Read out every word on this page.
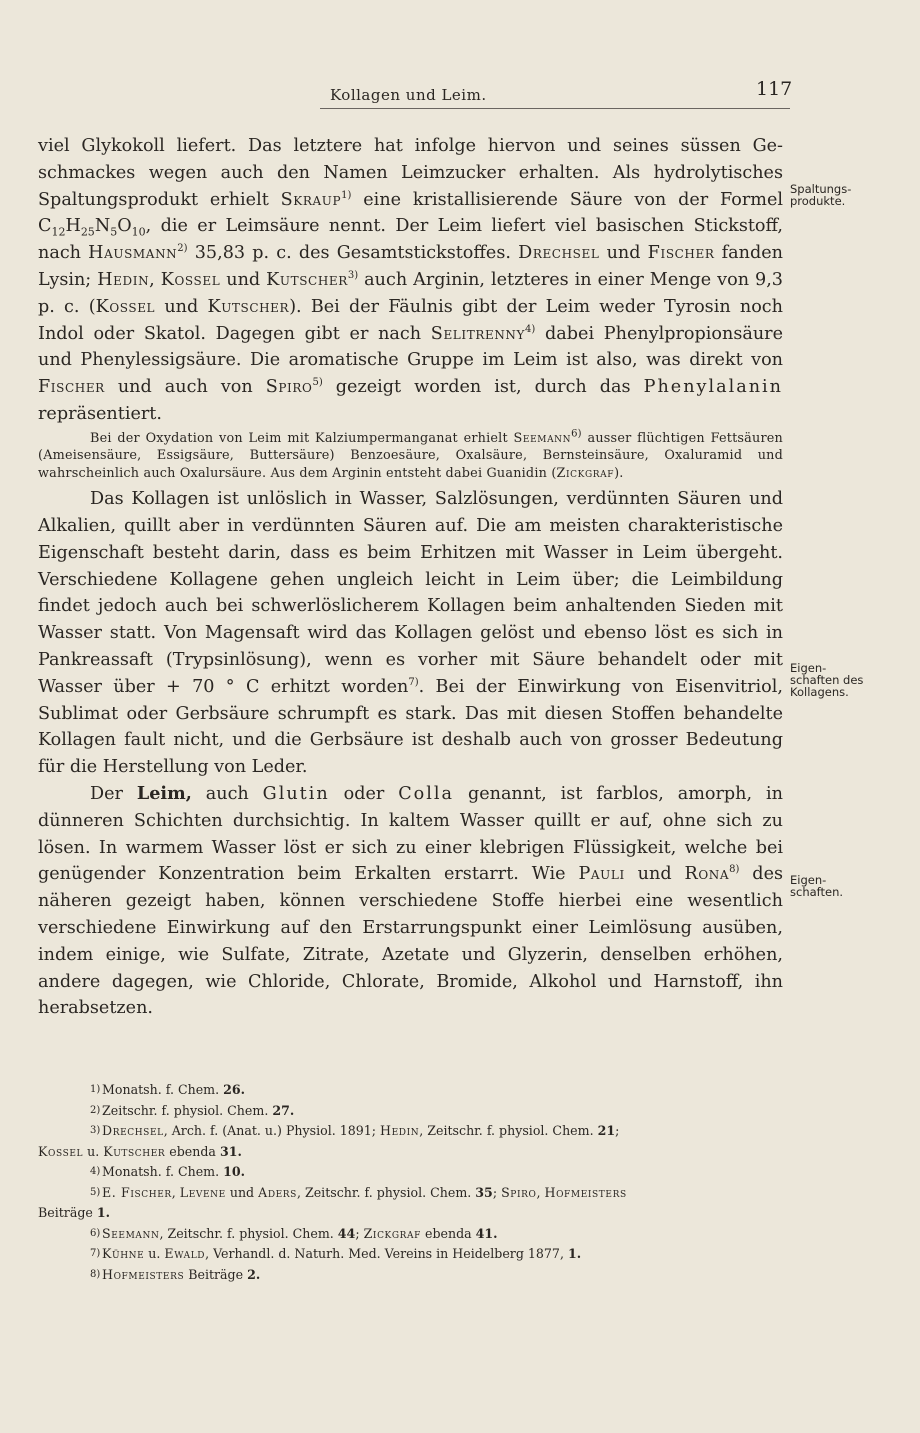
Kollagen und Leim.	117
Spaltungs-
produkte.
Eigen-
schaften des
Kollagens.
Eigen-
schaften.

viel Glykokoll liefert. Das letztere hat infolge hiervon und seines süssen Geschmackes wegen auch den Namen Leimzucker erhalten. Als hydrolytisches Spaltungsprodukt erhielt Skraup$^{1)}$ eine kristallisierende Säure von der Formel $C_{12}H_{25}N_5O_{10}$, die er Leimsäure nennt. Der Leim liefert viel basischen Stickstoff, nach Hausmann$^{2)}$ 35,83 p. c. des Gesamtstickstoffes. Drechsel und Fischer fanden Lysin; Hedin, Kossel und Kutscher$^{3)}$ auch Arginin, letzteres in einer Menge von 9,3 p. c. (Kossel und Kutscher). Bei der Fäulnis gibt der Leim weder Tyrosin noch Indol oder Skatol. Dagegen gibt er nach Selitrenny$^{4)}$ dabei Phenylpropionsäure und Phenylessigsäure. Die aromatische Gruppe im Leim ist also, was direkt von Fischer und auch von Spiro$^{5)}$ gezeigt worden ist, durch das Phenylalanin repräsentiert.

Bei der Oxydation von Leim mit Kalziumpermanganat erhielt Seemann$^{6)}$ ausser flüchtigen Fettsäuren (Ameisensäure, Essigsäure, Buttersäure) Benzoesäure, Oxalsäure, Bernsteinsäure, Oxaluramid und wahrscheinlich auch Oxalursäure. Aus dem Arginin entsteht dabei Guanidin (Zickgraf).

Das Kollagen ist unlöslich in Wasser, Salzlösungen, verdünnten Säuren und Alkalien, quillt aber in verdünnten Säuren auf. Die am meisten charakteristische Eigenschaft besteht darin, dass es beim Erhitzen mit Wasser in Leim übergeht. Verschiedene Kollagene gehen ungleich leicht in Leim über; die Leimbildung findet jedoch auch bei schwerlöslicherem Kollagen beim anhaltenden Sieden mit Wasser statt. Von Magensaft wird das Kollagen gelöst und ebenso löst es sich in Pankreassaft (Trypsinlösung), wenn es vorher mit Säure behandelt oder mit Wasser über + 70 ° C erhitzt worden$^{7)}$. Bei der Einwirkung von Eisenvitriol, Sublimat oder Gerbsäure schrumpft es stark. Das mit diesen Stoffen behandelte Kollagen fault nicht, und die Gerbsäure ist deshalb auch von grosser Bedeutung für die Herstellung von Leder.

Der Leim, auch Glutin oder Colla genannt, ist farblos, amorph, in dünneren Schichten durchsichtig. In kaltem Wasser quillt er auf, ohne sich zu lösen. In warmem Wasser löst er sich zu einer klebrigen Flüssigkeit, welche bei genügender Konzentration beim Erkalten erstarrt. Wie Pauli und Rona$^{8)}$ des näheren gezeigt haben, können verschiedene Stoffe hierbei eine wesentlich verschiedene Einwirkung auf den Erstarrungspunkt einer Leimlösung ausüben, indem einige, wie Sulfate, Zitrate, Azetate und Glyzerin, denselben erhöhen, andere dagegen, wie Chloride, Chlorate, Bromide, Alkohol und Harnstoff, ihn herabsetzen.

1) Monatsh. f. Chem. 26.

2) Zeitschr. f. physiol. Chem. 27.

3) Drechsel, Arch. f. (Anat. u.) Physiol. 1891; Hedin, Zeitschr. f. physiol. Chem. 21;

Kossel u. Kutscher ebenda 31.

4) Monatsh. f. Chem. 10.

5) E. Fischer, Levene und Aders, Zeitschr. f. physiol. Chem. 35; Spiro, Hofmeisters

Beiträge 1.

6) Seemann, Zeitschr. f. physiol. Chem. 44; Zickgraf ebenda 41.

7) Kühne u. Ewald, Verhandl. d. Naturh. Med. Vereins in Heidelberg 1877, 1.

8) Hofmeisters Beiträge 2.
